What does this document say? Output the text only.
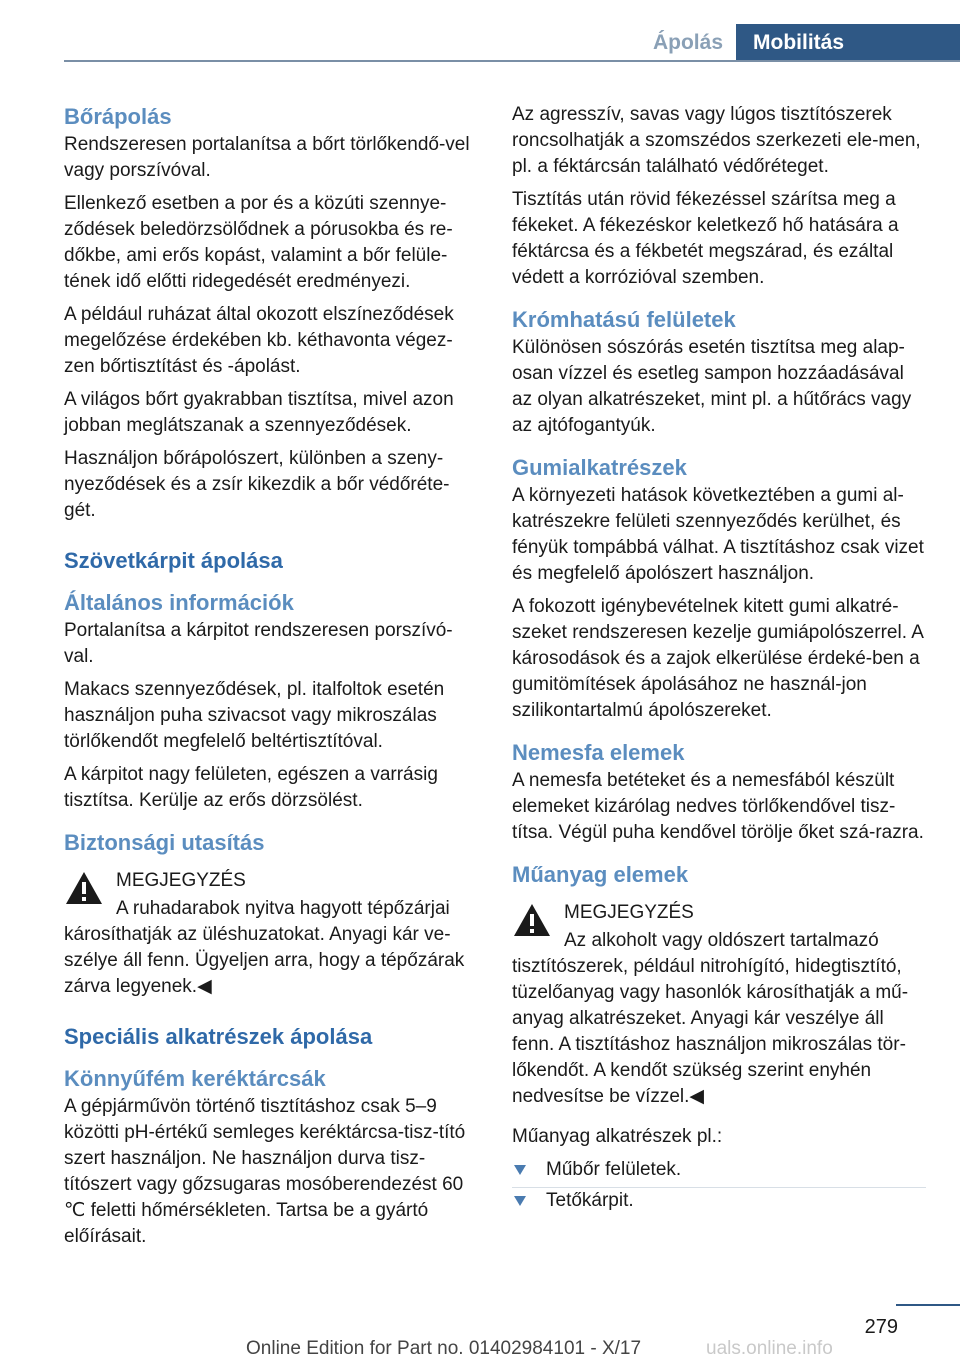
Ápolás	Mobilitás
Bőrápolás

Rendszeresen portalanítsa a bőrt törlőkendő-vel vagy porszívóval.

Ellenkező esetben a por és a közúti szennye-ződések beledörzsölődnek a pórusokba és re-dőkbe, ami erős kopást, valamint a bőr felüle-tének idő előtti ridegedését eredményezi.

A például ruházat által okozott elszíneződések megelőzése érdekében kb. kéthavonta végez-zen bőrtisztítást és -ápolást.

A világos bőrt gyakrabban tisztítsa, mivel azon jobban meglátszanak a szennyeződések.

Használjon bőrápolószert, különben a szeny-nyeződések és a zsír kikezdik a bőr védőréte-gét.

Szövetkárpit ápolása
Általános információk

Portalanítsa a kárpitot rendszeresen porszívó-val.

Makacs szennyeződések, pl. italfoltok esetén használjon puha szivacsot vagy mikroszálas törlőkendőt megfelelő beltértisztítóval.

A kárpitot nagy felületen, egészen a varrásig tisztítsa. Kerülje az erős dörzsölést.

Biztonsági utasítás

MEGJEGYZÉS

A ruhadarabok nyitva hagyott tépőzárjai károsíthatják az üléshuzatokat. Anyagi kár ve-szélye áll fenn. Ügyeljen arra, hogy a tépőzárak zárva legyenek.◀

Speciális alkatrészek ápolása
Könnyűfém keréktárcsák

A gépjárművön történő tisztításhoz csak 5–9 közötti pH-értékű semleges keréktárcsa-tisz-tító szert használjon. Ne használjon durva tisz-títószert vagy gőzsugaras mosóberendezést 60 ℃ feletti hőmérsékleten. Tartsa be a gyártó előírásait.

Az agresszív, savas vagy lúgos tisztítószerek roncsolhatják a szomszédos szerkezeti ele-men, pl. a féktárcsán található védőréteget.

Tisztítás után rövid fékezéssel szárítsa meg a fékeket. A fékezéskor keletkező hő hatására a féktárcsa és a fékbetét megszárad, és ezáltal védett a korrózióval szemben.

Krómhatású felületek

Különösen sószórás esetén tisztítsa meg alap-osan vízzel és esetleg sampon hozzáadásával az olyan alkatrészeket, mint pl. a hűtőrács vagy az ajtófogantyúk.

Gumialkatrészek

A környezeti hatások következtében a gumi al-katrészekre felületi szennyeződés kerülhet, és fényük tompábbá válhat. A tisztításhoz csak vizet és megfelelő ápolószert használjon.

A fokozott igénybevételnek kitett gumi alkatré-szeket rendszeresen kezelje gumiápolószerrel. A károsodások és a zajok elkerülése érdeké-ben a gumitömítések ápolásához ne használ-jon szilikontartalmú ápolószereket.

Nemesfa elemek

A nemesfa betéteket és a nemesfából készült elemeket kizárólag nedves törlőkendővel tisz-títsa. Végül puha kendővel törölje őket szá-razra.

Műanyag elemek

MEGJEGYZÉS

Az alkoholt vagy oldószert tartalmazó tisztítószerek, például nitrohígító, hidegtisztító, tüzelőanyag vagy hasonlók károsíthatják a mű-anyag alkatrészeket. Anyagi kár veszélye áll fenn. A tisztításhoz használjon mikroszálas tör-lőkendőt. A kendőt szükség szerint enyhén nedvesítse be vízzel.◀

Műanyag alkatrészek pl.:

Műbőr felületek.
Tetőkárpit.
279
Online Edition for Part no. 01402984101 - X/17	uals.online.info
